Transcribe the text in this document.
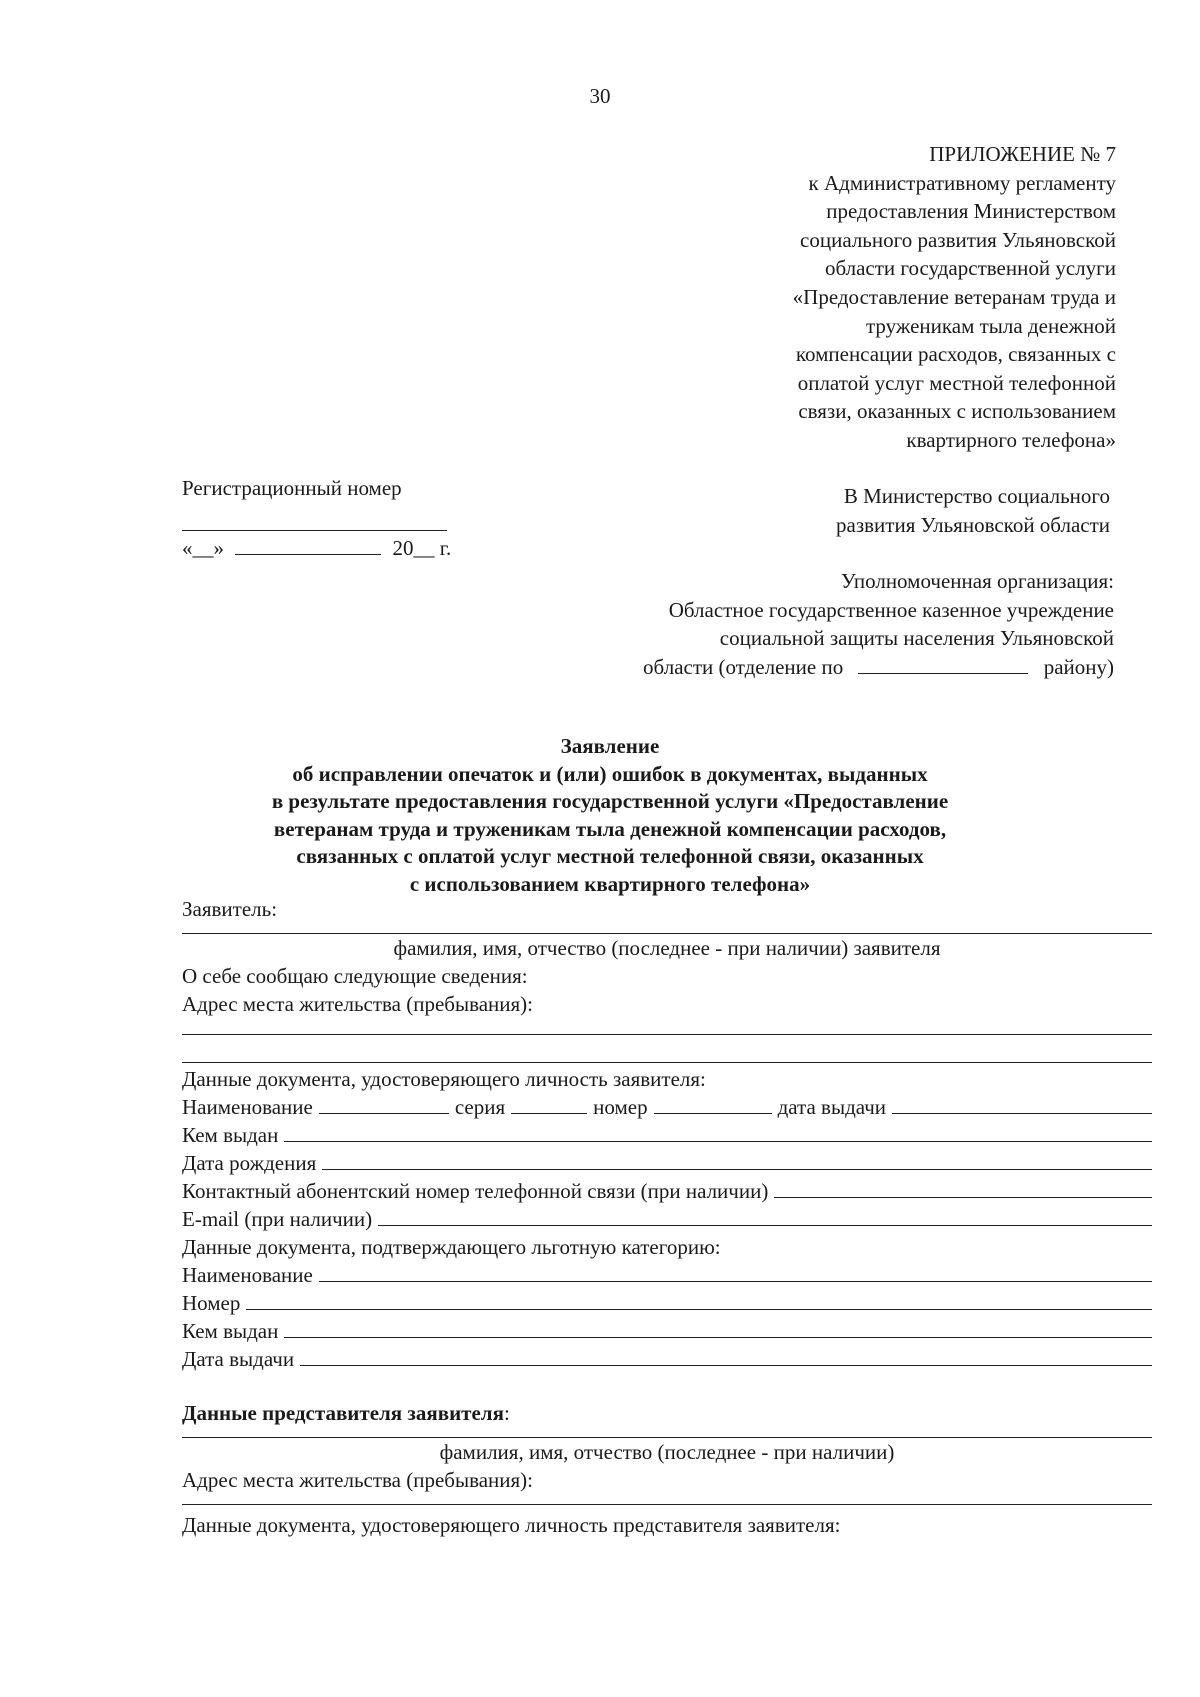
30
ПРИЛОЖЕНИЕ № 7
к Административному регламенту
предоставления Министерством
социального развития Ульяновской
области государственной услуги
«Предоставление ветеранам труда и
труженикам тыла денежной
компенсации расходов, связанных с
оплатой услуг местной телефонной
связи, оказанных с использованием
квартирного телефона»
Регистрационный номер
«__»	20__ г.
В Министерство социального
развития Ульяновской области
Уполномоченная организация:
Областное государственное казенное учреждение
социальной защиты населения Ульяновской
области (отделение по	району)
Заявление
об исправлении опечаток и (или) ошибок в документах, выданных
в результате предоставления государственной услуги «Предоставление
ветеранам труда и труженикам тыла денежной компенсации расходов,
связанных с оплатой услуг местной телефонной связи, оказанных
с использованием квартирного телефона»
Заявитель:
фамилия, имя, отчество (последнее - при наличии) заявителя
О себе сообщаю следующие сведения:
Адрес места жительства (пребывания):
Данные документа, удостоверяющего личность заявителя:
Наименование	серия	номер	дата выдачи
Кем выдан
Дата рождения
Контактный абонентский номер телефонной связи (при наличии)
E-mail (при наличии)
Данные документа, подтверждающего льготную категорию:
Наименование
Номер
Кем выдан
Дата выдачи
Данные представителя заявителя :
фамилия, имя, отчество (последнее - при наличии)
Адрес места жительства (пребывания):
Данные документа, удостоверяющего личность представителя заявителя:
